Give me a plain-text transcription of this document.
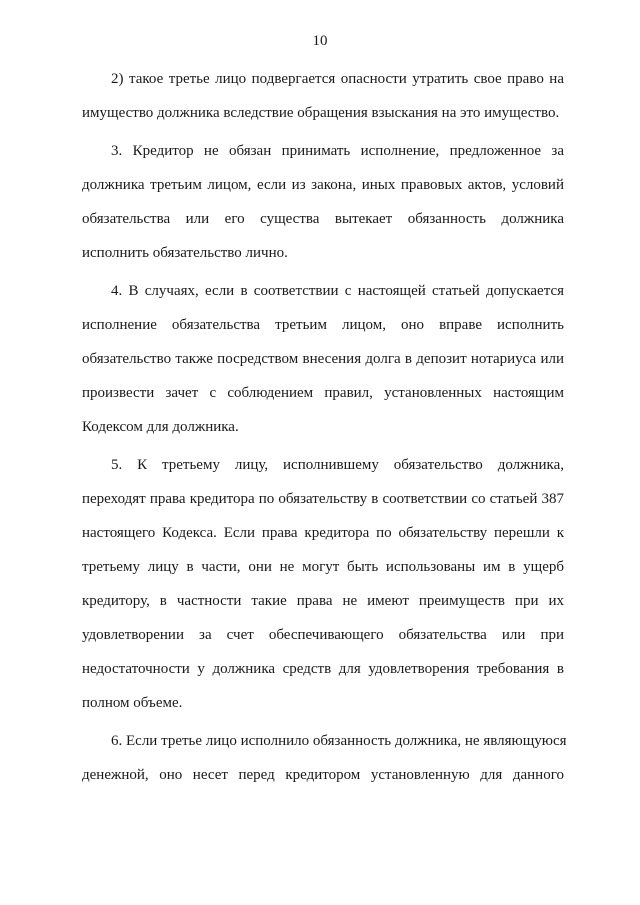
10
2) такое третье лицо подвергается опасности утратить свое право на
имущество должника вследствие обращения взыскания на это имущество.
3. Кредитор не обязан принимать исполнение, предложенное за
должника третьим лицом, если из закона, иных правовых актов, условий
обязательства или его существа вытекает обязанность должника
исполнить обязательство лично.
4. В случаях, если в соответствии с настоящей статьей допускается
исполнение обязательства третьим лицом, оно вправе исполнить
обязательство также посредством внесения долга в депозит нотариуса или
произвести зачет с соблюдением правил, установленных настоящим
Кодексом для должника.
5. К третьему лицу, исполнившему обязательство должника,
переходят права кредитора по обязательству в соответствии со статьей 387
настоящего Кодекса. Если права кредитора по обязательству перешли к
третьему лицу в части, они не могут быть использованы им в ущерб
кредитору, в частности такие права не имеют преимуществ при их
удовлетворении за счет обеспечивающего обязательства или при
недостаточности у должника средств для удовлетворения требования в
полном объеме.
6. Если третье лицо исполнило обязанность должника, не являющуюся
денежной, оно несет перед кредитором установленную для данного
